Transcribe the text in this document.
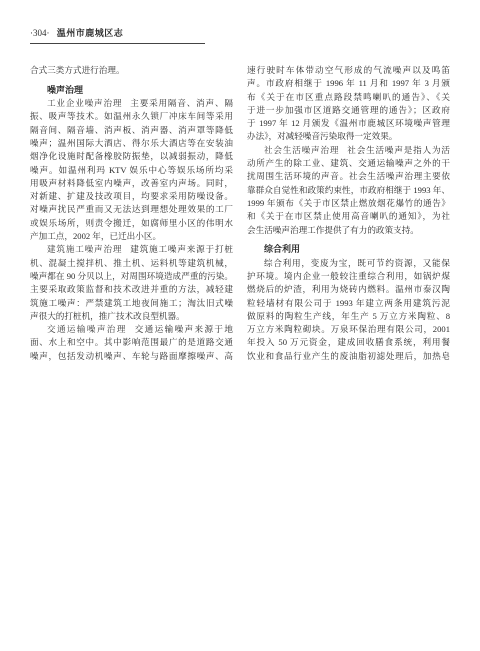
·304· 温州市鹿城区志
合式三类方式进行治理。
噪声治理
工业企业噪声治理 主要采用隔音、消声、隔
振、吸声等技术。如温州永久锁厂冲床车间等采用
隔音间、隔音墙、消声板、消声器、消声罩等降低
噪声；温州国际大酒店、得尔乐大酒店等在安装油
烟净化设施时配备橡胶防振垫，以减弱振动，降低
噪声。如温州利玛 KTV 娱乐中心等娱乐场所均采
用吸声材料降低室内噪声，改善室内声场。同时，
对新建、扩建及技改项目，均要求采用防噪设备。
对噪声扰民严重而又无法达到理想处理效果的工厂
或娱乐场所，则责令搬迁，如腐师里小区的伟明水
产加工点，2002 年，已迁出小区。
建筑施工噪声治理 建筑施工噪声来源于打桩
机、混凝土搅拌机、推土机、运料机等建筑机械，
噪声都在 90 分贝以上，对周围环境造成严重的污染。
主要采取政策监督和技术改进并重的方法，减轻建
筑施工噪声：严禁建筑工地夜间施工；淘汰旧式噪
声很大的打桩机，推广技术改良型机器。
交通运输噪声治理 交通运输噪声来源于地
面、水上和空中。其中影响范围最广的是道路交通
噪声，包括发动机噪声、车轮与路面摩擦噪声、高
速行驶时车体带动空气形成的气流噪声以及鸣笛
声。市政府相继于 1996 年 11 月和 1997 年 3 月颁
布《关于在市区重点路段禁鸣喇叭的通告》、《关
于进一步加强市区道路交通管理的通告》；区政府
于 1997 年 12 月颁发《温州市鹿城区环境噪声管理
办法》，对减轻噪音污染取得一定效果。
社会生活噪声治理 社会生活噪声是指人为活
动所产生的除工业、建筑、交通运输噪声之外的干
扰周围生活环境的声音。社会生活噪声治理主要依
靠群众自觉性和政策约束性，市政府相继于 1993 年、
1999 年颁布《关于市区禁止燃放烟花爆竹的通告》
和《关于在市区禁止使用高音喇叭的通知》，为社
会生活噪声治理工作提供了有力的政策支持。
综合利用
综合利用，变废为宝，既可节约资源，又能保
护环境。境内企业一般较注重综合利用，如锅炉煤
燃烧后的炉渣，利用为烧砖内燃料。温州市泰汉陶
粒轻墙材有限公司于 1993 年建立两条用建筑污泥
做原料的陶粒生产线，年生产 5 万立方米陶粒、8
万立方米陶粒砌块。万泉环保治理有限公司，2001
年投入 50 万元资金，建成回收膳食系统，利用餐
饮业和食品行业产生的废油脂初滤处理后，加热皂
